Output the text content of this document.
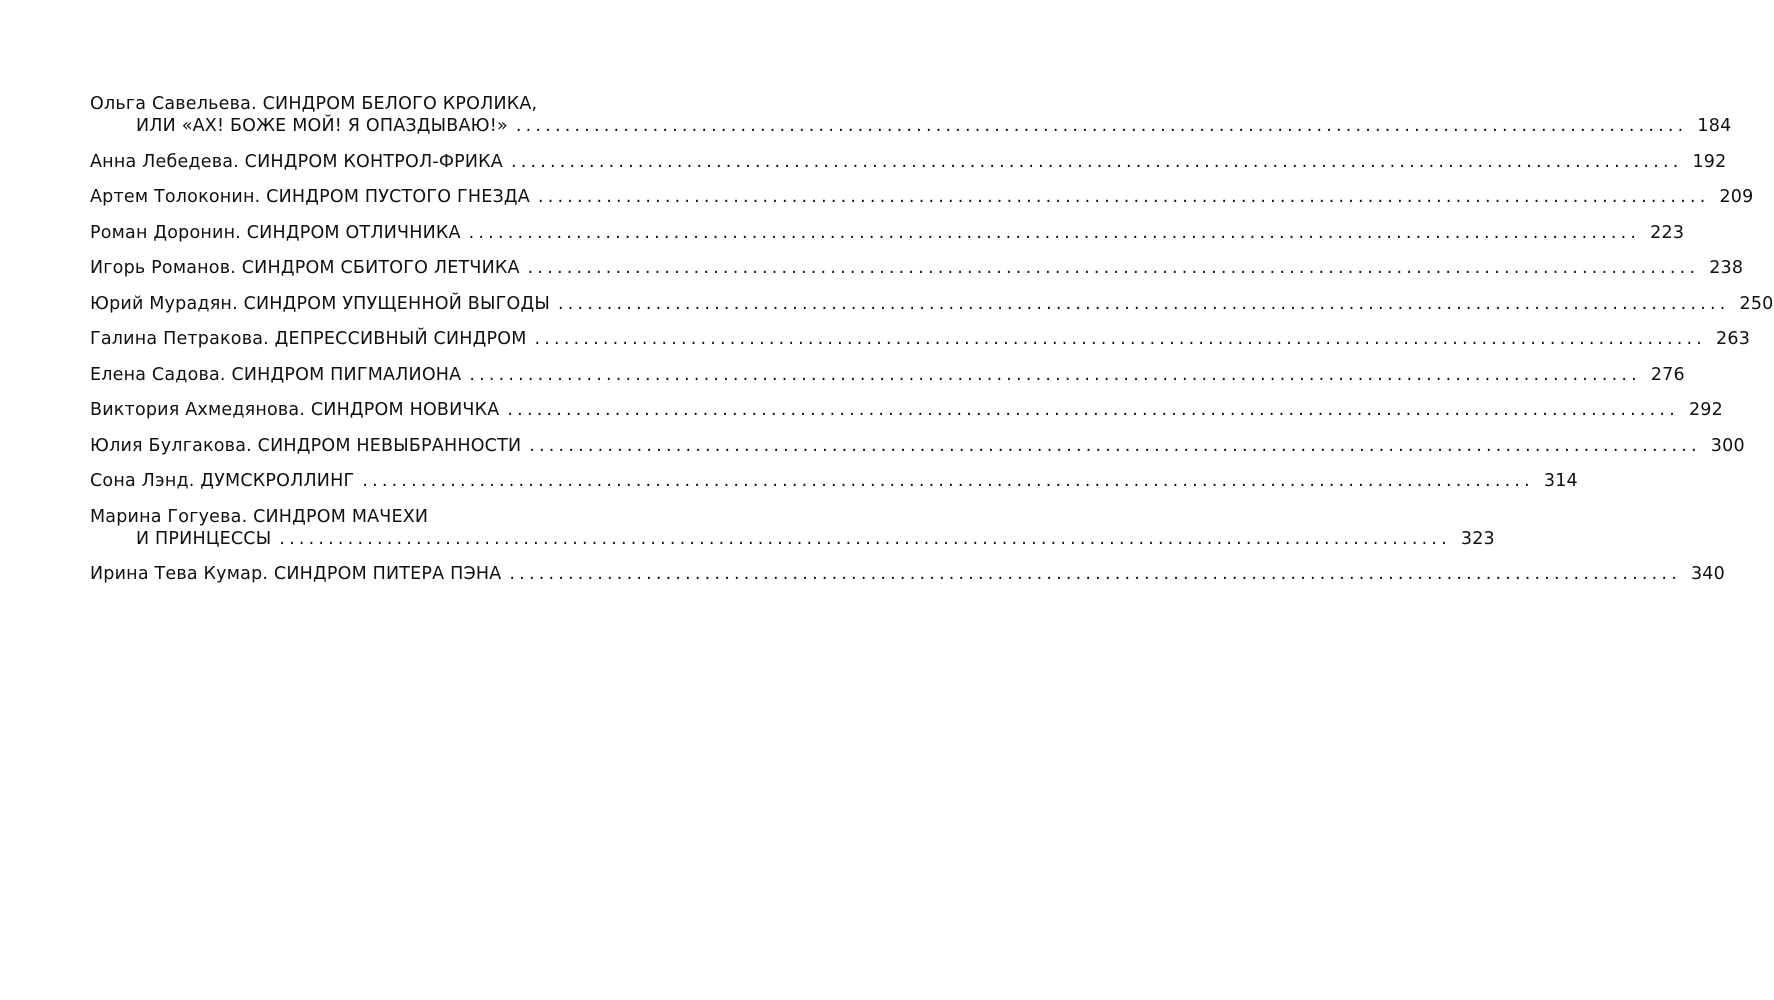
Ольга Савельева. СИНДРОМ БЕЛОГО КРОЛИКА,
ИЛИ «АХ! БОЖЕ МОЙ! Я ОПАЗДЫВАЮ!» ........................................................................................................................ 184
Анна Лебедева. СИНДРОМ КОНТРОЛ-ФРИКА ........................................................................................................................ 192
Артем Толоконин. СИНДРОМ ПУСТОГО ГНЕЗДА ........................................................................................................................ 209
Роман Доронин. СИНДРОМ ОТЛИЧНИКА ........................................................................................................................ 223
Игорь Романов. СИНДРОМ СБИТОГО ЛЕТЧИКА ........................................................................................................................ 238
Юрий Мурадян. СИНДРОМ УПУЩЕННОЙ ВЫГОДЫ ........................................................................................................................ 250
Галина Петракова. ДЕПРЕССИВНЫЙ СИНДРОМ ........................................................................................................................ 263
Елена Садова. СИНДРОМ ПИГМАЛИОНА ........................................................................................................................ 276
Виктория Ахмедянова. СИНДРОМ НОВИЧКА ........................................................................................................................ 292
Юлия Булгакова. СИНДРОМ НЕВЫБРАННОСТИ ........................................................................................................................ 300
Сона Лэнд. ДУМСКРОЛЛИНГ ........................................................................................................................ 314
Марина Гогуева. СИНДРОМ МАЧЕХИ
И ПРИНЦЕССЫ ........................................................................................................................ 323
Ирина Тева Кумар. СИНДРОМ ПИТЕРА ПЭНА ........................................................................................................................ 340
